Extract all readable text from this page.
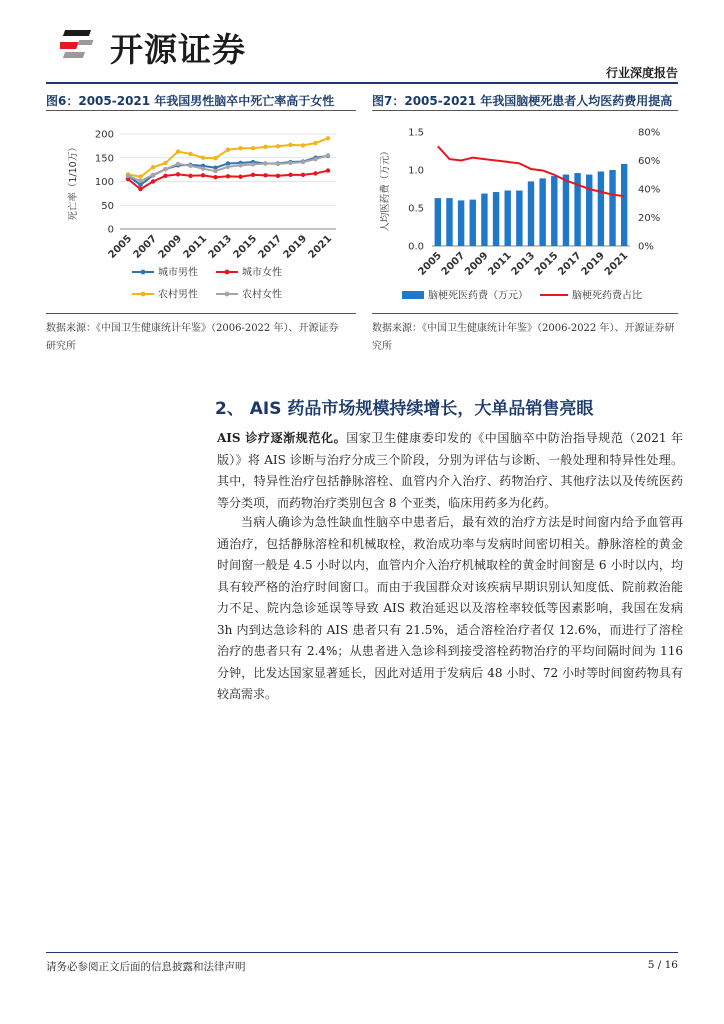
开源证券
行业深度报告
图6：2005-2021 年我国男性脑卒中死亡率高于女性	图7：2005-2021 年我国脑梗死患者人均医药费用提高
0
50
100
150
200
死亡率（1/10万）
2005
2007
2009
2011
2013
2015
2017
2019
2021
城市男性	城市女性
农村男性	农村女性
0.0
0.5
1.0
1.5
0%
20%
40%
60%
80%
人均医药费（万元）
2005
2007
2009
2011
2013
2015
2017
2019
2021
脑梗死医药费（万元）	脑梗死药费占比
数据来源：《中国卫生健康统计年鉴》（2006-2022 年）、开源证券研究所
数据来源：《中国卫生健康统计年鉴》（2006-2022 年）、开源证券研究所
2、 AIS 药品市场规模持续增长，大单品销售亮眼
AIS 诊疗逐渐规范化。国家卫生健康委印发的《中国脑卒中防治指导规范（2021 年版）》将 AIS 诊断与治疗分成三个阶段，分别为评估与诊断、一般处理和特异性处理。其中，特异性治疗包括静脉溶栓、血管内介入治疗、药物治疗、其他疗法以及传统医药等分类项，而药物治疗类别包含 8 个亚类，临床用药多为化药。
当病人确诊为急性缺血性脑卒中患者后，最有效的治疗方法是时间窗内给予血管再通治疗，包括静脉溶栓和机械取栓，救治成功率与发病时间密切相关。静脉溶栓的黄金时间窗一般是 4.5 小时以内，血管内介入治疗机械取栓的黄金时间窗是 6 小时以内，均具有较严格的治疗时间窗口。而由于我国群众对该疾病早期识别认知度低、院前救治能力不足、院内急诊延误等导致 AIS 救治延迟以及溶栓率较低等因素影响，我国在发病 3h 内到达急诊科的 AIS 患者只有 21.5%，适合溶栓治疗者仅 12.6%，而进行了溶栓治疗的患者只有 2.4%；从患者进入急诊科到接受溶栓药物治疗的平均间隔时间为 116 分钟，比发达国家显著延长，因此对适用于发病后 48 小时、72 小时等时间窗药物具有较高需求。
请务必参阅正文后面的信息披露和法律声明	5 / 16
